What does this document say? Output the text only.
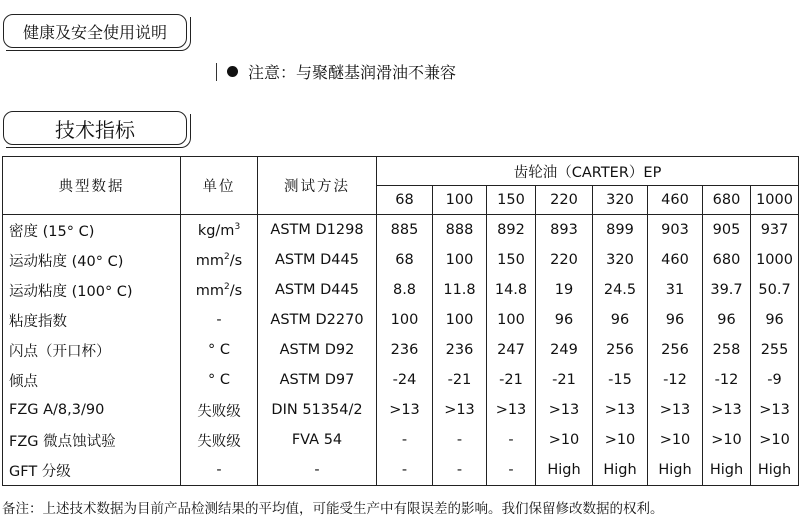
健康及安全使用说明
注意：与聚醚基润滑油不兼容
技术指标
典型数据	单位	测试方法	齿轮油（CARTER）EP							
			68	100	150	220	320	460	680	1000
密度 (15° C)	$kg/m^3$	ASTM D1298	885	888	892	893	899	903	905	937
运动粘度 (40° C)	$mm^2/s$	ASTM D445	68	100	150	220	320	460	680	1000
运动粘度 (100° C)	$mm^2/s$	ASTM D445	8.8	11.8	14.8	19	24.5	31	39.7	50.7
粘度指数	-	ASTM D2270	100	100	100	96	96	96	96	96
闪点（开口杯）	° C	ASTM D92	236	236	247	249	256	256	258	255
倾点	° C	ASTM D97	-24	-21	-21	-21	-15	-12	-12	-9
FZG A/8,3/90	失败级	DIN 51354/2	>13	>13	>13	>13	>13	>13	>13	>13
FZG 微点蚀试验	失败级	FVA 54	-	-	-	>10	>10	>10	>10	>10
GFT 分级	-	-	-	-	-	High	High	High	High	High
备注：上述技术数据为目前产品检测结果的平均值，可能受生产中有限误差的影响。我们保留修改数据的权利。
